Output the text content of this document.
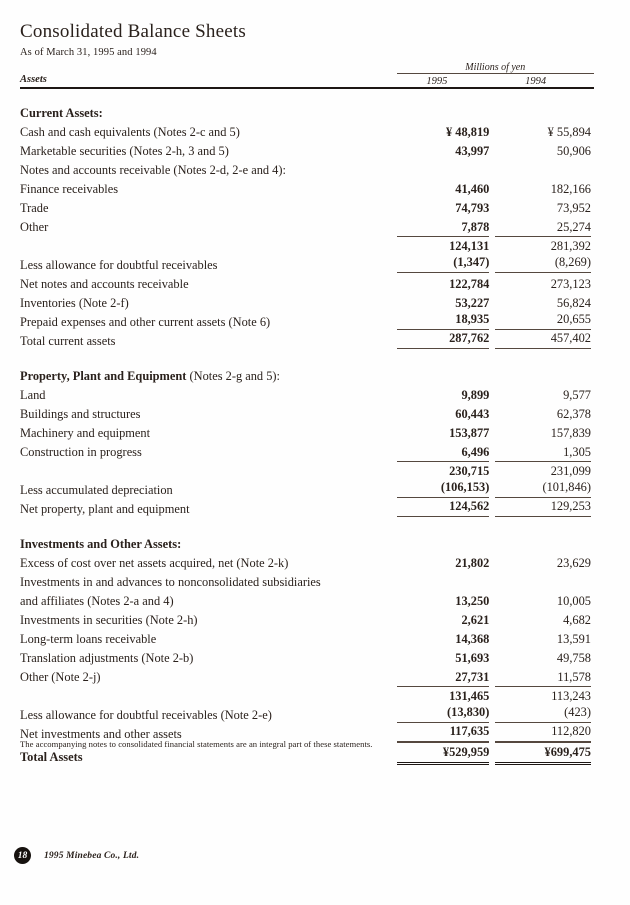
Consolidated Balance Sheets
As of March 31, 1995 and 1994
	Millions of yen	
Assets	1995	1994

Current Assets:		
Cash and cash equivalents (Notes 2-c and 5)	¥ 48,819	¥ 55,894

Marketable securities (Notes 2-h, 3 and 5)	43,997	50,906

Notes and accounts receivable (Notes 2-d, 2-e and 4):	

Finance receivables	41,460	182,166

Trade	74,793	73,952

Other	7,878	25,274

	124,131	281,392

Less allowance for doubtful receivables	(1,347)	(8,269)

Net notes and accounts receivable	122,784	273,123

Inventories (Note 2-f)	53,227	56,824

Prepaid expenses and other current assets (Note 6)	18,935	20,655

Total current assets	287,762	457,402

Property, Plant and Equipment (Notes 2-g and 5):		
Land	9,899	9,577

Buildings and structures	60,443	62,378

Machinery and equipment	153,877	157,839

Construction in progress	6,496	1,305

	230,715	231,099

Less accumulated depreciation	(106,153)	(101,846)

Net property, plant and equipment	124,562	129,253

Investments and Other Assets:		
Excess of cost over net assets acquired, net (Note 2-k)	21,802	23,629

Investments in and advances to nonconsolidated subsidiaries	

and affiliates (Notes 2-a and 4)	13,250	10,005

Investments in securities (Note 2-h)	2,621	4,682

Long-term loans receivable	14,368	13,591

Translation adjustments (Note 2-b)	51,693	49,758

Other (Note 2-j)	27,731	11,578

	131,465	113,243

Less allowance for doubtful receivables (Note 2-e)	(13,830)	(423)

Net investments and other assets	117,635	112,820

Total Assets	¥529,959	¥699,475
The accompanying notes to consolidated financial statements are an integral part of these statements.
18	1995 Minebea Co., Ltd.
